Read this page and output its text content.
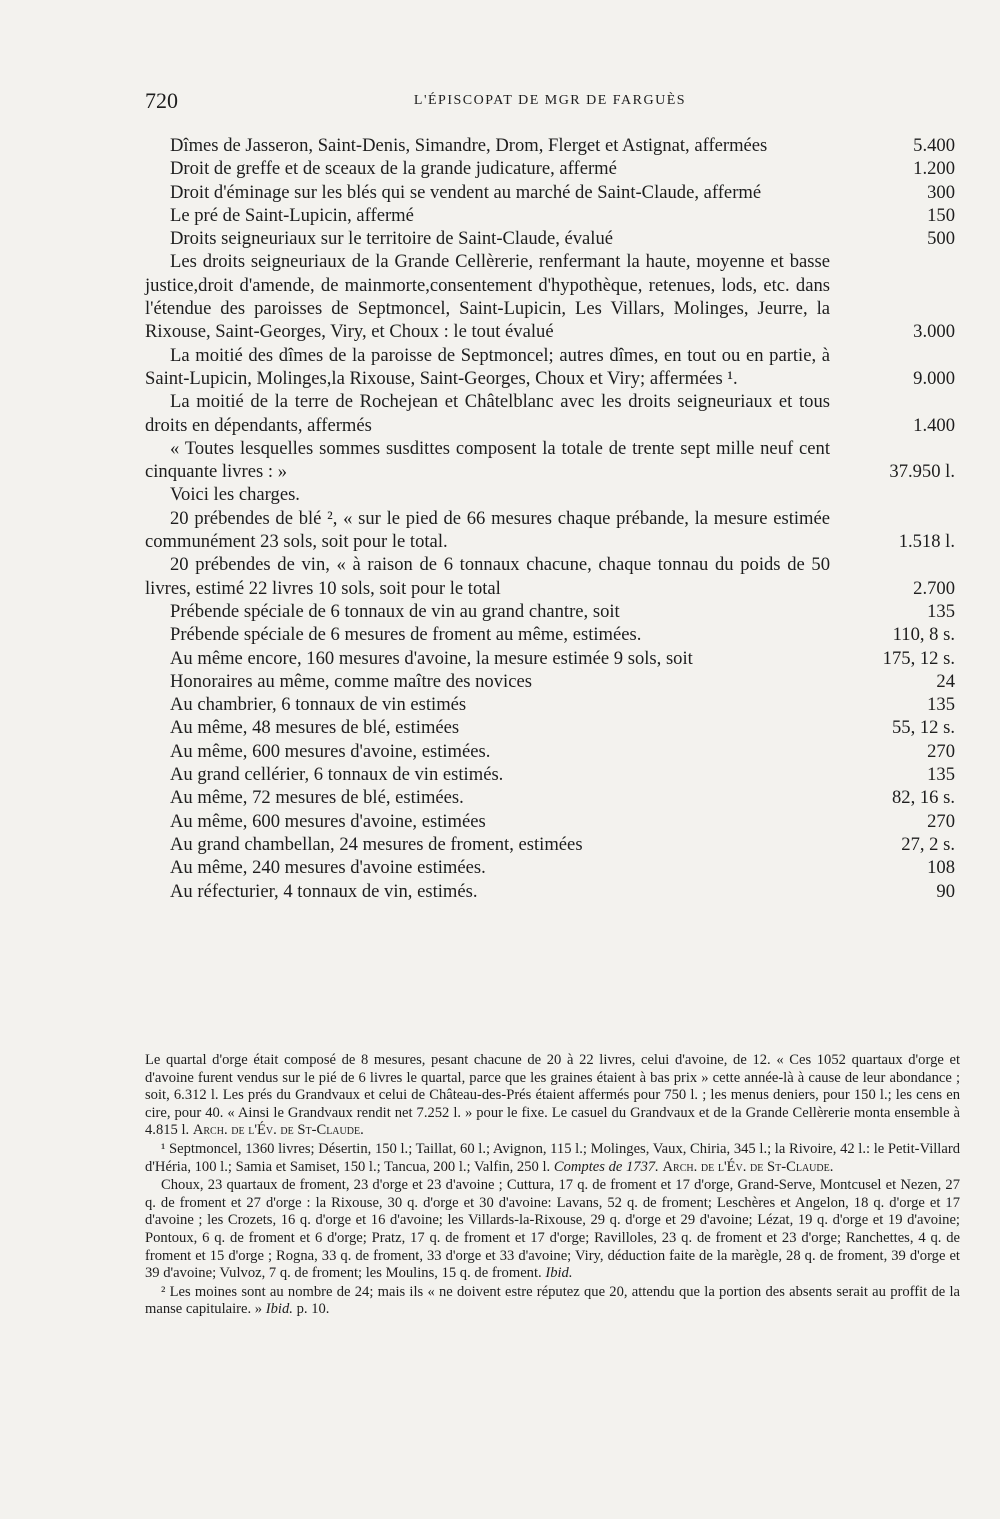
720	L'ÉPISCOPAT DE MGR DE FARGUÈS
Dîmes de Jasseron, Saint-Denis, Simandre, Drom, Flerget et Astignat, affermées	5.400
Droit de greffe et de sceaux de la grande judicature, affermé	1.200
Droit d'éminage sur les blés qui se vendent au marché de Saint-Claude, affermé	300
Le pré de Saint-Lupicin, affermé	150
Droits seigneuriaux sur le territoire de Saint-Claude, évalué	500
Les droits seigneuriaux de la Grande Cellèrerie, renfermant la haute, moyenne et basse justice,droit d'amende, de mainmorte,consentement d'hypothèque, retenues, lods, etc. dans l'étendue des paroisses de Septmoncel, Saint-Lupicin, Les Villars, Molinges, Jeurre, la Rixouse, Saint-Georges, Viry, et Choux : le tout évalué	3.000
La moitié des dîmes de la paroisse de Septmoncel; autres dîmes, en tout ou en partie, à Saint-Lupicin, Molinges,la Rixouse, Saint-Georges, Choux et Viry; affermées ¹.	9.000
La moitié de la terre de Rochejean et Châtelblanc avec les droits seigneuriaux et tous droits en dépendants, affermés	1.400
« Toutes lesquelles sommes susdittes composent la totale de trente sept mille neuf cent cinquante livres : »	37.950 l.
Voici les charges.
20 prébendes de blé ², « sur le pied de 66 mesures chaque prébande, la mesure estimée communément 23 sols, soit pour le total.	1.518 l.
20 prébendes de vin, « à raison de 6 tonnaux chacune, chaque tonnau du poids de 50 livres, estimé 22 livres 10 sols, soit pour le total	2.700
Prébende spéciale de 6 tonnaux de vin au grand chantre, soit	135
Prébende spéciale de 6 mesures de froment au même, estimées.	110, 8 s.
Au même encore, 160 mesures d'avoine, la mesure estimée 9 sols, soit	175, 12 s.
Honoraires au même, comme maître des novices	24
Au chambrier, 6 tonnaux de vin estimés	135
Au même, 48 mesures de blé, estimées	55, 12 s.
Au même, 600 mesures d'avoine, estimées.	270
Au grand cellérier, 6 tonnaux de vin estimés.	135
Au même, 72 mesures de blé, estimées.	82, 16 s.
Au même, 600 mesures d'avoine, estimées	270
Au grand chambellan, 24 mesures de froment, estimées	27, 2 s.
Au même, 240 mesures d'avoine estimées.	108
Au réfecturier, 4 tonnaux de vin, estimés.	90

Le quartal d'orge était composé de 8 mesures, pesant chacune de 20 à 22 livres, celui d'avoine, de 12. « Ces 1052 quartaux d'orge et d'avoine furent vendus sur le pié de 6 livres le quartal, parce que les graines étaient à bas prix » cette année-là à cause de leur abondance ; soit, 6.312 l. Les prés du Grandvaux et celui de Château-des-Prés étaient affermés pour 750 l. ; les menus deniers, pour 150 l.; les cens en cire, pour 40. « Ainsi le Grandvaux rendit net 7.252 l. » pour le fixe. Le casuel du Grandvaux et de la Grande Cellèrerie monta ensemble à 4.815 l. Arch. de l'Év. de St-Claude.

¹ Septmoncel, 1360 livres; Désertin, 150 l.; Taillat, 60 l.; Avignon, 115 l.; Molinges, Vaux, Chiria, 345 l.; la Rivoire, 42 l.: le Petit-Villard d'Héria, 100 l.; Samia et Samiset, 150 l.; Tancua, 200 l.; Valfin, 250 l. Comptes de 1737. Arch. de l'Év. de St-Claude.

Choux, 23 quartaux de froment, 23 d'orge et 23 d'avoine ; Cuttura, 17 q. de froment et 17 d'orge, Grand-Serve, Montcusel et Nezen, 27 q. de froment et 27 d'orge : la Rixouse, 30 q. d'orge et 30 d'avoine: Lavans, 52 q. de froment; Leschères et Angelon, 18 q. d'orge et 17 d'avoine ; les Crozets, 16 q. d'orge et 16 d'avoine; les Villards-la-Rixouse, 29 q. d'orge et 29 d'avoine; Lézat, 19 q. d'orge et 19 d'avoine; Pontoux, 6 q. de froment et 6 d'orge; Pratz, 17 q. de froment et 17 d'orge; Ravilloles, 23 q. de froment et 23 d'orge; Ranchettes, 4 q. de froment et 15 d'orge ; Rogna, 33 q. de froment, 33 d'orge et 33 d'avoine; Viry, déduction faite de la marègle, 28 q. de froment, 39 d'orge et 39 d'avoine; Vulvoz, 7 q. de froment; les Moulins, 15 q. de froment. Ibid.

² Les moines sont au nombre de 24; mais ils « ne doivent estre réputez que 20, attendu que la portion des absents serait au proffit de la manse capitulaire. » Ibid. p. 10.
